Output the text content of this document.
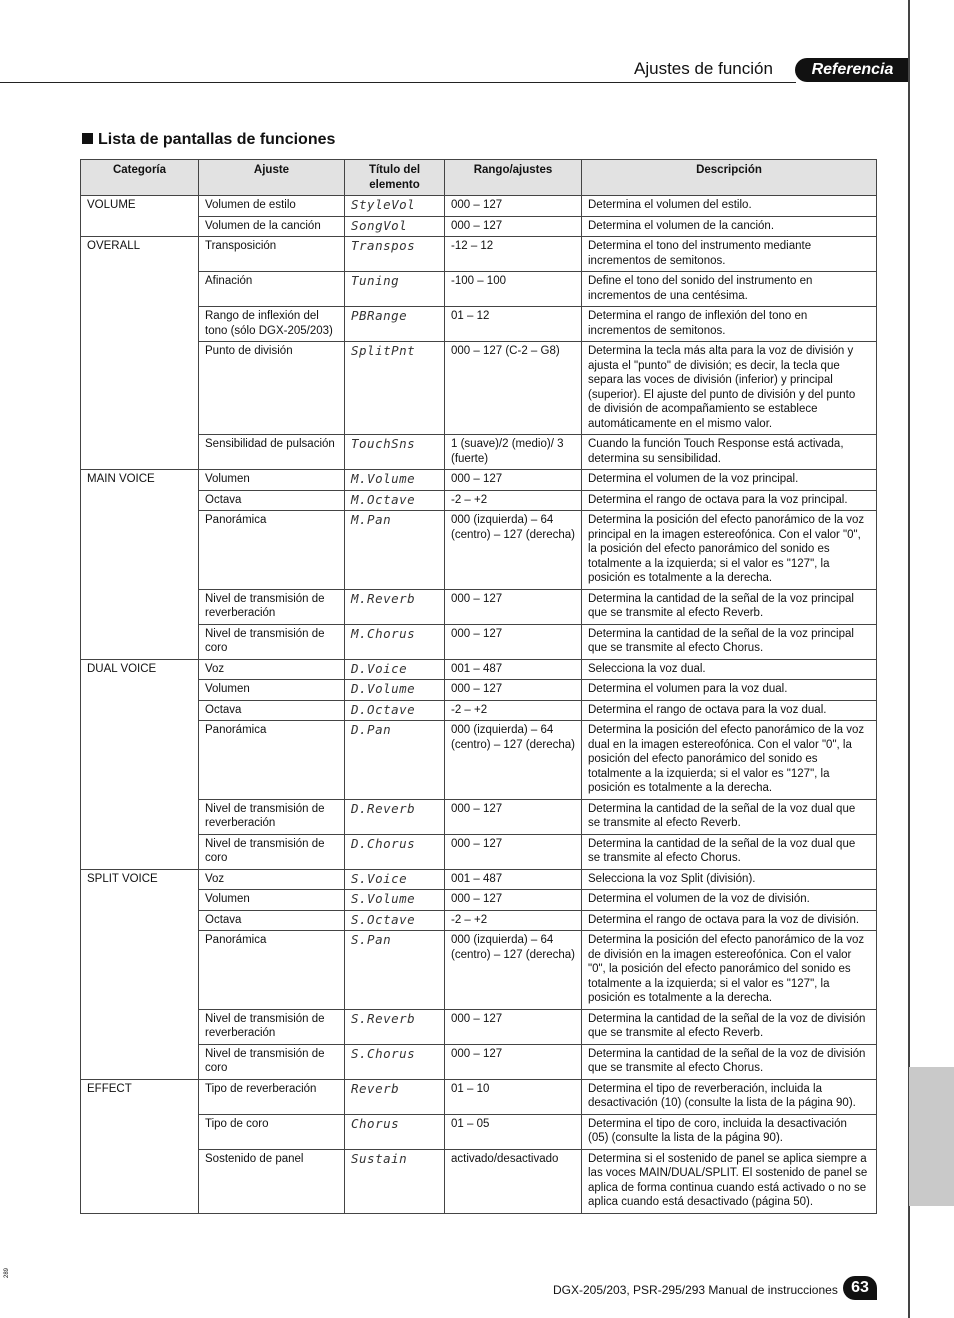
Ajustes de función	Referencia
Lista de pantallas de funciones
Categoría	Ajuste	Título del elemento	Rango/ajustes	Descripción
VOLUME	Volumen de estilo	StyleVol	000 – 127	Determina el volumen del estilo.
	Volumen de la canción	SongVol	000 – 127	Determina el volumen de la canción.
OVERALL	Transposición	Transpos	-12 – 12	Determina el tono del instrumento mediante incrementos de semitonos.
	Afinación	Tuning	-100 – 100	Define el tono del sonido del instrumento en incrementos de una centésima.
	Rango de inflexión del tono (sólo DGX-205/203)	PBRange	01 – 12	Determina el rango de inflexión del tono en incrementos de semitonos.
	Punto de división	SplitPnt	000 – 127 (C-2 – G8)	Determina la tecla más alta para la voz de división y ajusta el "punto" de división; es decir, la tecla que separa las voces de división (inferior) y principal (superior). El ajuste del punto de división y del punto de división de acompañamiento se establece automáticamente en el mismo valor.
	Sensibilidad de pulsación	TouchSns	1 (suave)/2 (medio)/ 3 (fuerte)	Cuando la función Touch Response está activada, determina su sensibilidad.
MAIN VOICE	Volumen	M.Volume	000 – 127	Determina el volumen de la voz principal.
	Octava	M.Octave	-2 – +2	Determina el rango de octava para la voz principal.
	Panorámica	M.Pan	000 (izquierda) – 64 (centro) – 127 (derecha)	Determina la posición del efecto panorámico de la voz principal en la imagen estereofónica. Con el valor "0", la posición del efecto panorámico del sonido es totalmente a la izquierda; si el valor es "127", la posición es totalmente a la derecha.
	Nivel de transmisión de reverberación	M.Reverb	000 – 127	Determina la cantidad de la señal de la voz principal que se transmite al efecto Reverb.
	Nivel de transmisión de coro	M.Chorus	000 – 127	Determina la cantidad de la señal de la voz principal que se transmite al efecto Chorus.
DUAL VOICE	Voz	D.Voice	001 – 487	Selecciona la voz dual.
	Volumen	D.Volume	000 – 127	Determina el volumen para la voz dual.
	Octava	D.Octave	-2 – +2	Determina el rango de octava para la voz dual.
	Panorámica	D.Pan	000 (izquierda) – 64 (centro) – 127 (derecha)	Determina la posición del efecto panorámico de la voz dual en la imagen estereofónica. Con el valor "0", la posición del efecto panorámico del sonido es totalmente a la izquierda; si el valor es "127", la posición es totalmente a la derecha.
	Nivel de transmisión de reverberación	D.Reverb	000 – 127	Determina la cantidad de la señal de la voz dual que se transmite al efecto Reverb.
	Nivel de transmisión de coro	D.Chorus	000 – 127	Determina la cantidad de la señal de la voz dual que se transmite al efecto Chorus.
SPLIT VOICE	Voz	S.Voice	001 – 487	Selecciona la voz Split (división).
	Volumen	S.Volume	000 – 127	Determina el volumen de la voz de división.
	Octava	S.Octave	-2 – +2	Determina el rango de octava para la voz de división.
	Panorámica	S.Pan	000 (izquierda) – 64 (centro) – 127 (derecha)	Determina la posición del efecto panorámico de la voz de división en la imagen estereofónica. Con el valor "0", la posición del efecto panorámico del sonido es totalmente a la izquierda; si el valor es "127", la posición es totalmente a la derecha.
	Nivel de transmisión de reverberación	S.Reverb	000 – 127	Determina la cantidad de la señal de la voz de división que se transmite al efecto Reverb.
	Nivel de transmisión de coro	S.Chorus	000 – 127	Determina la cantidad de la señal de la voz de división que se transmite al efecto Chorus.
EFFECT	Tipo de reverberación	Reverb	01 – 10	Determina el tipo de reverberación, incluida la desactivación (10) (consulte la lista de la página 90).
	Tipo de coro	Chorus	01 – 05	Determina el tipo de coro, incluida la desactivación (05) (consulte la lista de la página 90).
	Sostenido de panel	Sustain	activado/desactivado	Determina si el sostenido de panel se aplica siempre a las voces MAIN/DUAL/SPLIT. El sostenido de panel se aplica de forma continua cuando está activado o no se aplica cuando está desactivado (página 50).
289
DGX-205/203, PSR-295/293 Manual de instrucciones 63
